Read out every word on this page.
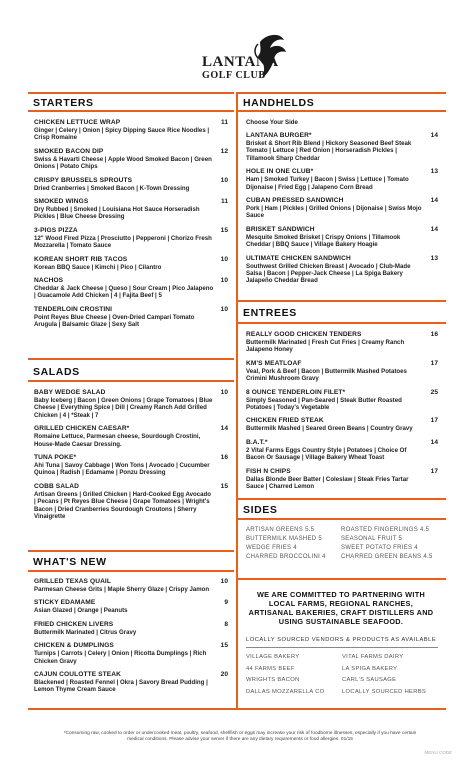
LANTANA
GOLF CLUB
STARTERS
CHICKEN LETTUCE WRAP	11
Ginger | Celery | Onion | Spicy Dipping Sauce Rice Noodles | Crisp Romaine
SMOKED BACON DIP	12
Swiss & Havarti Cheese | Apple Wood Smoked Bacon | Green Onions | Potato Chips
CRISPY BRUSSELS SPROUTS	10
Dried Cranberries | Smoked Bacon | K-Town Dressing
SMOKED WINGS	11
Dry Rubbed | Smoked | Louisiana Hot Sauce Horseradish Pickles | Blue Cheese Dressing
3-PIGS PIZZA	15
12" Wood Fired Pizza | Prosciutto | Pepperoni | Chorizo Fresh Mozzarella | Tomato Sauce
KOREAN SHORT RIB TACOS	10
Korean BBQ Sauce | Kimchi | Pico | Cilantro
NACHOS	10
Cheddar & Jack Cheese | Queso | Sour Cream | Pico Jalapeno | Guacamole Add Chicken | 4 | Fajita Beef | 5
TENDERLOIN CROSTINI	10
Point Reyes Blue Cheese | Oven-Dried Campari Tomato Arugula | Balsamic Glaze | Sexy Salt
SALADS
BABY WEDGE SALAD	10
Baby Iceberg | Bacon | Green Onions | Grape Tomatoes | Blue Cheese | Everything Spice | Dill | Creamy Ranch Add Grilled Chicken | 4 | *Steak | 7
GRILLED CHICKEN CAESAR*	14
Romaine Lettuce, Parmesan cheese, Sourdough Crostini, House-Made Caesar Dressing.
TUNA POKE*	16
Ahi Tuna | Savoy Cabbage | Won Tons | Avocado | Cucumber Quinoa | Radish | Edamame | Ponzu Dressing
COBB SALAD	15
Artisan Greens | Grilled Chicken | Hard-Cooked Egg Avocado | Pecans | Pt Reyes Blue Cheese | Grape Tomatoes | Wright's Bacon | Dried Cranberries Sourdough Croutons | Sherry Vinaigrette
WHAT'S NEW
GRILLED TEXAS QUAIL	10
Parmesan Cheese Grits | Maple Sherry Glaze | Crispy Jamon
STICKY EDAMAME	9
Asian Glazed | Orange | Peanuts
FRIED CHICKEN LIVERS	8
Buttermilk Marinated | Citrus Gravy
CHICKEN & DUMPLINGS	15
Turnips | Carrots | Celery | Onion | Ricotta Dumplings | Rich Chicken Gravy
CAJUN COULOTTE STEAK	20
Blackened | Roasted Fennel | Okra | Savory Bread Pudding | Lemon Thyme Cream Sauce
HANDHELDS
Choose Your Side
LANTANA BURGER*	14
Brisket & Short Rib Blend | Hickory Seasoned Beef Steak Tomato | Lettuce | Red Onion | Horseradish Pickles | Tillamook Sharp Cheddar
HOLE IN ONE CLUB*	13
Ham | Smoked Turkey | Bacon | Swiss | Lettuce | Tomato Dijonaise | Fried Egg | Jalapeno Corn Bread
CUBAN PRESSED SANDWICH	14
Pork | Ham | Pickles | Grilled Onions | Dijonaise | Swiss Mojo Sauce
BRISKET SANDWICH	14
Mesquite Smoked Brisket | Crispy Onions | Tillamook Cheddar | BBQ Sauce | Village Bakery Hoagie
ULTIMATE CHICKEN SANDWICH	13
Southwest Grilled Chicken Breast | Avocado | Club-Made Salsa | Bacon | Pepper-Jack Cheese | La Spiga Bakery Jalapeño Cheddar Bread
ENTREES
REALLY GOOD CHICKEN TENDERS	16
Buttermilk Marinated | Fresh Cut Fries | Creamy Ranch Jalapeno Honey
KM'S MEATLOAF	17
Veal, Pork & Beef | Bacon | Buttermilk Mashed Potatoes Crimini Mushroom Gravy
8 OUNCE TENDERLOIN FILET*	25
Simply Seasoned | Pan-Seared | Steak Butter Roasted Potatoes | Today's Vegetable
CHICKEN FRIED STEAK	17
Buttermilk Mashed | Seared Green Beans | Country Gravy
B.A.T.*	14
2 Vital Farms Eggs Country Style | Potatoes | Choice Of Bacon Or Sausage | Village Bakery Wheat Toast
FISH N CHIPS	17
Dallas Blonde Beer Batter | Coleslaw | Steak Fries Tartar Sauce | Charred Lemon
SIDES
ARTISAN GREENS 5.5	ROASTED FINGERLINGS 4.5
BUTTERMILK MASHED 5	SEASONAL FRUIT 5
WEDGE FRIES 4	SWEET POTATO FRIES 4
CHARRED BROCCOLINI 4	CHARRED GREEN BEANS 4.5
WE ARE COMMITTED TO PARTNERING WITH LOCAL FARMS, REGIONAL RANCHES, ARTISANAL BAKERIES, CRAFT DISTILLERS AND USING SUSTAINABLE SEAFOOD.
LOCALLY SOURCED VENDORS & PRODUCTS AS AVAILABLE
VILLAGE BAKERY	VITAL FARMS DAIRY
44 FARMS BEEF	LA SPIGA BAKERY
WRIGHTS BACON	CARL'S SAUSAGE
DALLAS MOZZARELLA CO	LOCALLY SOURCED HERBS
*Consuming raw, cooked to order or undercooked meat, poultry, seafood, shellfish or eggs may increase your risk of foodborne illnesses, especially if you have certain medical conditions. Please advise your server if there are any dietary requirements or food allergies. 01/15
MENU CODE
